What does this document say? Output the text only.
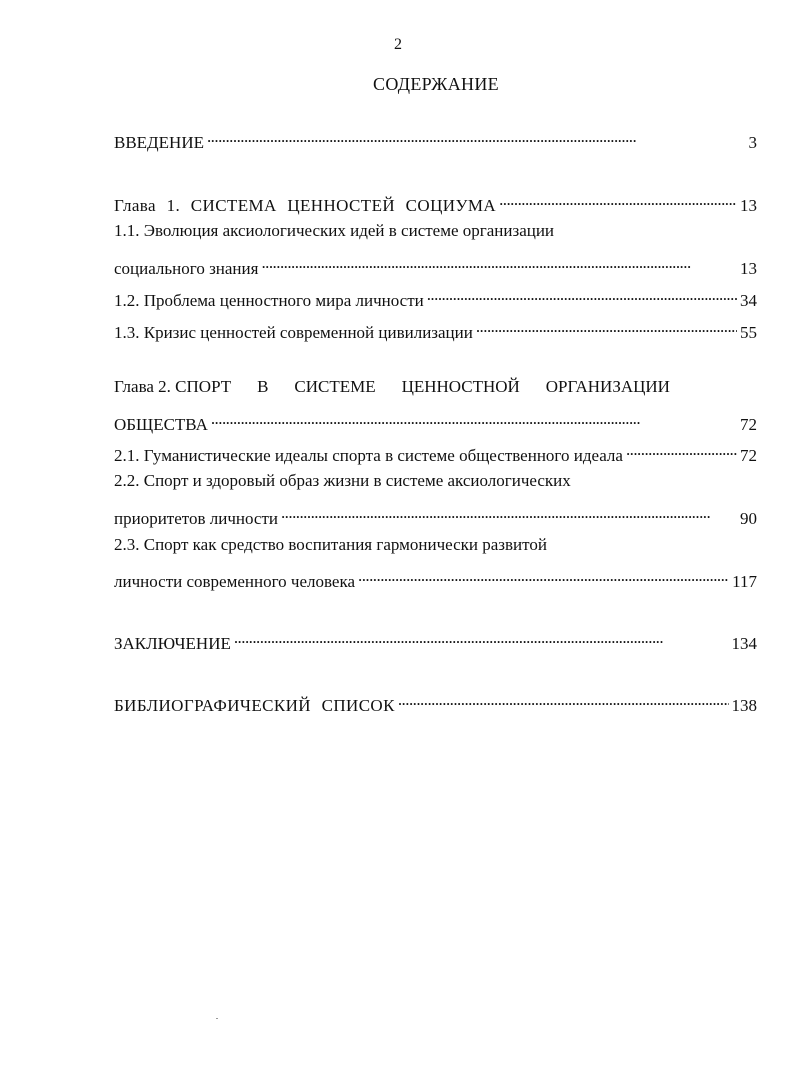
2
СОДЕРЖАНИЕ
ВВЕДЕНИЕ . . .	3
Глава 1. СИСТЕМА ЦЕННОСТЕЙ СОЦИУМА . . .	13
1.1. Эволюция аксиологических идей в системе организации
социального знания . . .	13
1.2. Проблема ценностного мира личности . . .	34
1.3. Кризис ценностей современной цивилизации . . .	55
Глава 2. СПОРТ В СИСТЕМЕ ЦЕННОСТНОЙ ОРГАНИЗАЦИИ
ОБЩЕСТВА . . .	72
2.1. Гуманистические идеалы спорта в системе общественного идеала . . .	72
2.2. Спорт и здоровый образ жизни в системе аксиологических
приоритетов личности . . .	90
2.3. Спорт как средство воспитания гармонически развитой
личности современного человека . . .	117
ЗАКЛЮЧЕНИЕ . . .	134
БИБЛИОГРАФИЧЕСКИЙ СПИСОК . . .	138
